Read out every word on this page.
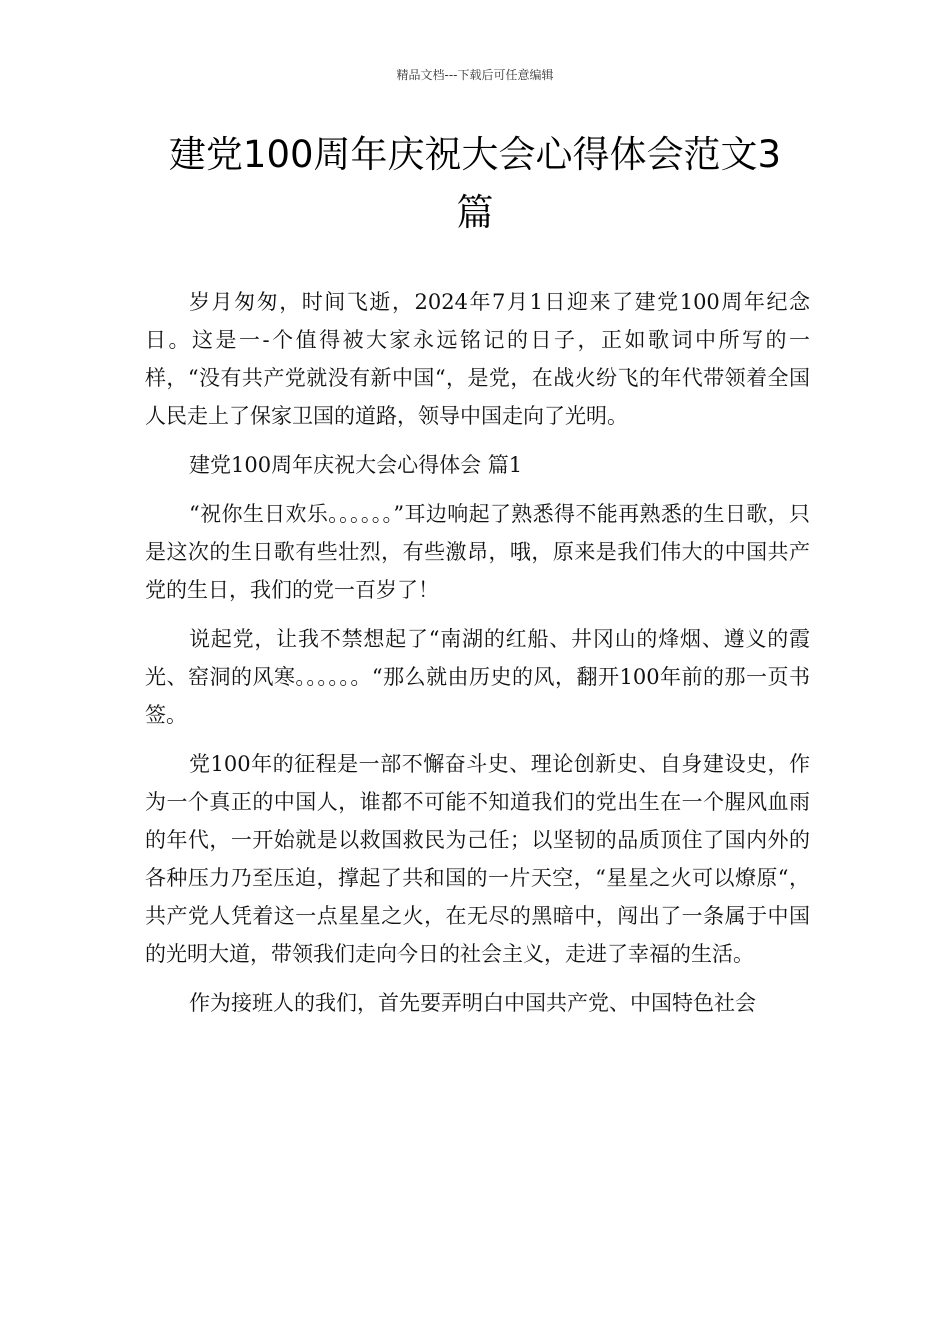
精品文档---下载后可任意编辑
建党100周年庆祝大会心得体会范文3
篇

岁月匆匆，时间飞逝，2024年7月1日迎来了建党100周年纪念日。这是一-个值得被大家永远铭记的日子，正如歌词中所写的一样，“没有共产党就没有新中国“，是党，在战火纷飞的年代带领着全国人民走上了保家卫国的道路，领导中国走向了光明。

建党100周年庆祝大会心得体会 篇1

“祝你生日欢乐。。。。。。”耳边响起了熟悉得不能再熟悉的生日歌，只是这次的生日歌有些壮烈，有些激昂，哦，原来是我们伟大的中国共产党的生日，我们的党一百岁了！

说起党，让我不禁想起了“南湖的红船、井冈山的烽烟、遵义的霞光、窑洞的风寒。。。。。。“那么就由历史的风，翻开100年前的那一页书签。

党100年的征程是一部不懈奋斗史、理论创新史、自身建设史，作为一个真正的中国人，谁都不可能不知道我们的党出生在一个腥风血雨的年代，一开始就是以救国救民为己任；以坚韧的品质顶住了国内外的各种压力乃至压迫，撑起了共和国的一片天空，“星星之火可以燎原“，共产党人凭着这一点星星之火，在无尽的黑暗中，闯出了一条属于中国的光明大道，带领我们走向今日的社会主义，走进了幸福的生活。

作为接班人的我们，首先要弄明白中国共产党、中国特色社会
